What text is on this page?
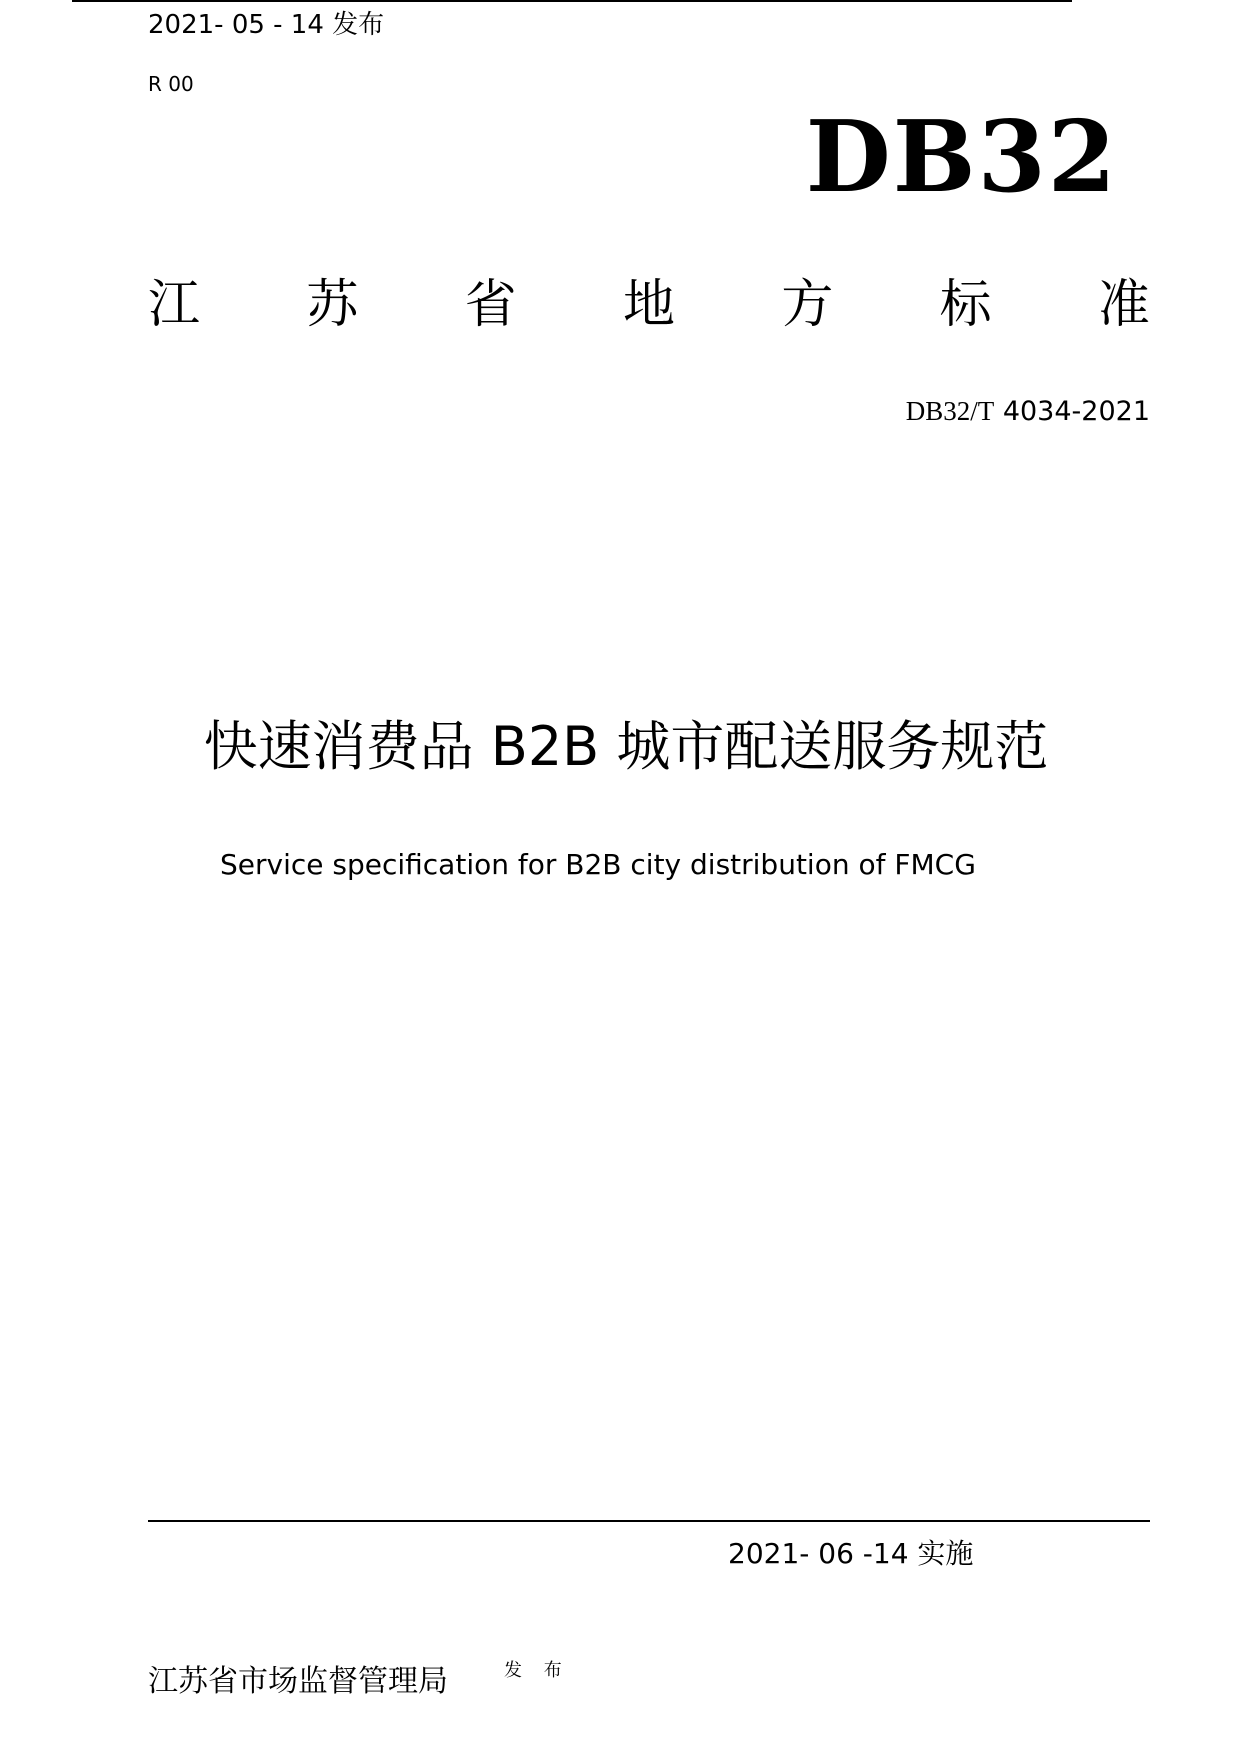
2021- 05 - 14 发布
R 00
DB32
江 苏 省 地 方 标 准
DB32/T 4034-2021
快速消费品 B2B 城市配送服务规范
Service specification for B2B city distribution of FMCG
2021- 06 -14 实施
江苏省市场监督管理局	发 布
